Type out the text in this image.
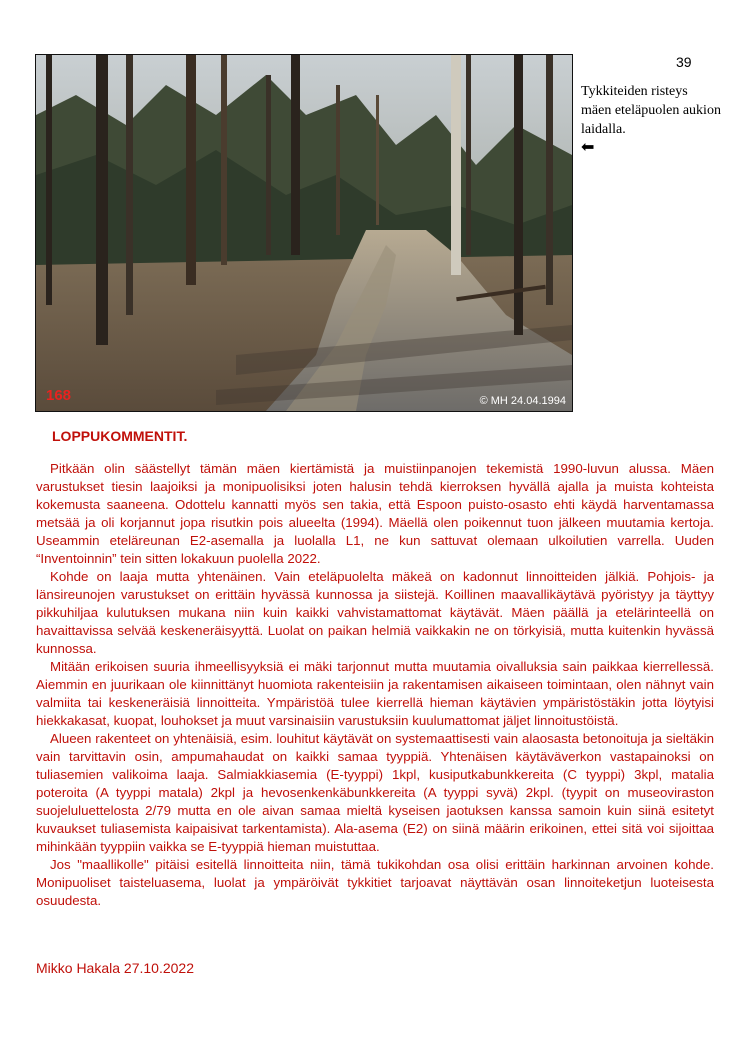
39
168	© MH 24.04.1994
Tykkiteiden risteys mäen eteläpuolen aukion laidalla.
⬅
LOPPUKOMMENTIT.

Pitkään olin säästellyt tämän mäen kiertämistä ja muistiinpanojen tekemistä 1990-luvun alussa. Mäen varustukset tiesin laajoiksi ja monipuolisiksi joten halusin tehdä kierroksen hyvällä ajalla ja muista kohteista kokemusta saaneena. Odottelu kannatti myös sen takia, että Espoon puisto-osasto ehti käydä harventamassa metsää ja oli korjannut jopa risutkin pois alueelta (1994). Mäellä olen poikennut tuon jälkeen muutamia kertoja. Useammin eteläreunan E2-asemalla ja luolalla L1, ne kun sattuvat olemaan ulkoilutien varrella. Uuden “Inventoinnin” tein sitten lokakuun puolella 2022.

Kohde on laaja mutta yhtenäinen. Vain eteläpuolelta mäkeä on kadonnut linnoitteiden jälkiä. Pohjois- ja länsireunojen varustukset on erittäin hyvässä kunnossa ja siistejä. Koillinen maavallikäytävä pyöristyy ja täyttyy pikkuhiljaa kulutuksen mukana niin kuin kaikki vahvistamattomat käytävät. Mäen päällä ja etelärinteellä on havaittavissa selvää keskeneräisyyttä. Luolat on paikan helmiä vaikkakin ne on törkyisiä, mutta kuitenkin hyvässä kunnossa.

Mitään erikoisen suuria ihmeellisyyksiä ei mäki tarjonnut mutta muutamia oivalluksia sain paikkaa kierrellessä. Aiemmin en juurikaan ole kiinnittänyt huomiota rakenteisiin ja rakentamisen aikaiseen toimintaan, olen nähnyt vain valmiita tai keskeneräisiä linnoitteita. Ympäristöä tulee kierrellä hieman käytävien ympäristöstäkin jotta löytyisi hiekkakasat, kuopat, louhokset ja muut varsinaisiin varustuksiin kuulumattomat jäljet linnoitustöistä.

Alueen rakenteet on yhtenäisiä, esim. louhitut käytävät on systemaattisesti vain alaosasta betonoituja ja sieltäkin vain tarvittavin osin, ampumahaudat on kaikki samaa tyyppiä. Yhtenäisen käytäväverkon vastapainoksi on tuliasemien valikoima laaja. Salmiakkiasemia (E-tyyppi) 1kpl, kusiputkabunkkereita (C tyyppi) 3kpl, matalia poteroita (A tyyppi matala) 2kpl ja hevosenkenkäbunkkereita (A tyyppi syvä) 2kpl. (tyypit on museoviraston suojeluluettelosta 2/79 mutta en ole aivan samaa mieltä kyseisen jaotuksen kanssa samoin kuin siinä esitetyt kuvaukset tuliasemista kaipaisivat tarkentamista). Ala-asema (E2) on siinä määrin erikoinen, ettei sitä voi sijoittaa mihinkään tyyppiin vaikka se E-tyyppiä hieman muistuttaa.

Jos "maallikolle" pitäisi esitellä linnoitteita niin, tämä tukikohdan osa olisi erittäin harkinnan arvoinen kohde. Monipuoliset taisteluasema, luolat ja ympäröivät tykkitiet tarjoavat näyttävän osan linnoiteketjun luoteisesta osuudesta.

Mikko Hakala 27.10.2022
